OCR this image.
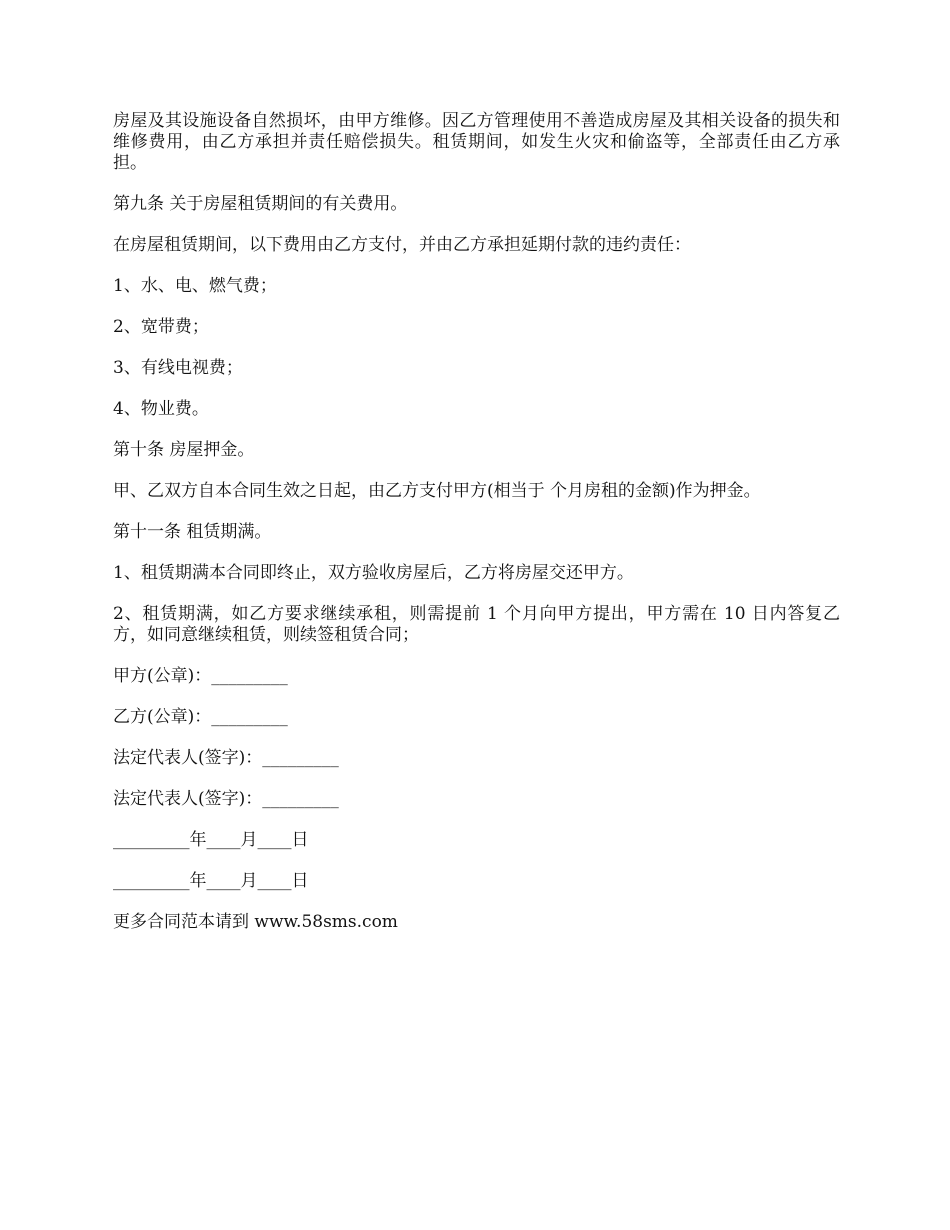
房屋及其设施设备自然损坏，由甲方维修。因乙方管理使用不善造成房屋及其相关设备的损失和维修费用，由乙方承担并责任赔偿损失。租赁期间，如发生火灾和偷盗等，全部责任由乙方承担。

第九条 关于房屋租赁期间的有关费用。

在房屋租赁期间，以下费用由乙方支付，并由乙方承担延期付款的违约责任：

1、水、电、燃气费；

2、宽带费；

3、有线电视费；

4、物业费。

第十条 房屋押金。

甲、乙双方自本合同生效之日起，由乙方支付甲方(相当于 个月房租的金额)作为押金。

第十一条 租赁期满。

1、租赁期满本合同即终止，双方验收房屋后，乙方将房屋交还甲方。

2、租赁期满，如乙方要求继续承租，则需提前 1 个月向甲方提出，甲方需在 10 日内答复乙方，如同意继续租赁，则续签租赁合同；

甲方(公章)：_________

乙方(公章)：_________

法定代表人(签字)：_________

法定代表人(签字)：_________

_________年____月____日

_________年____月____日

更多合同范本请到 www.58sms.com
